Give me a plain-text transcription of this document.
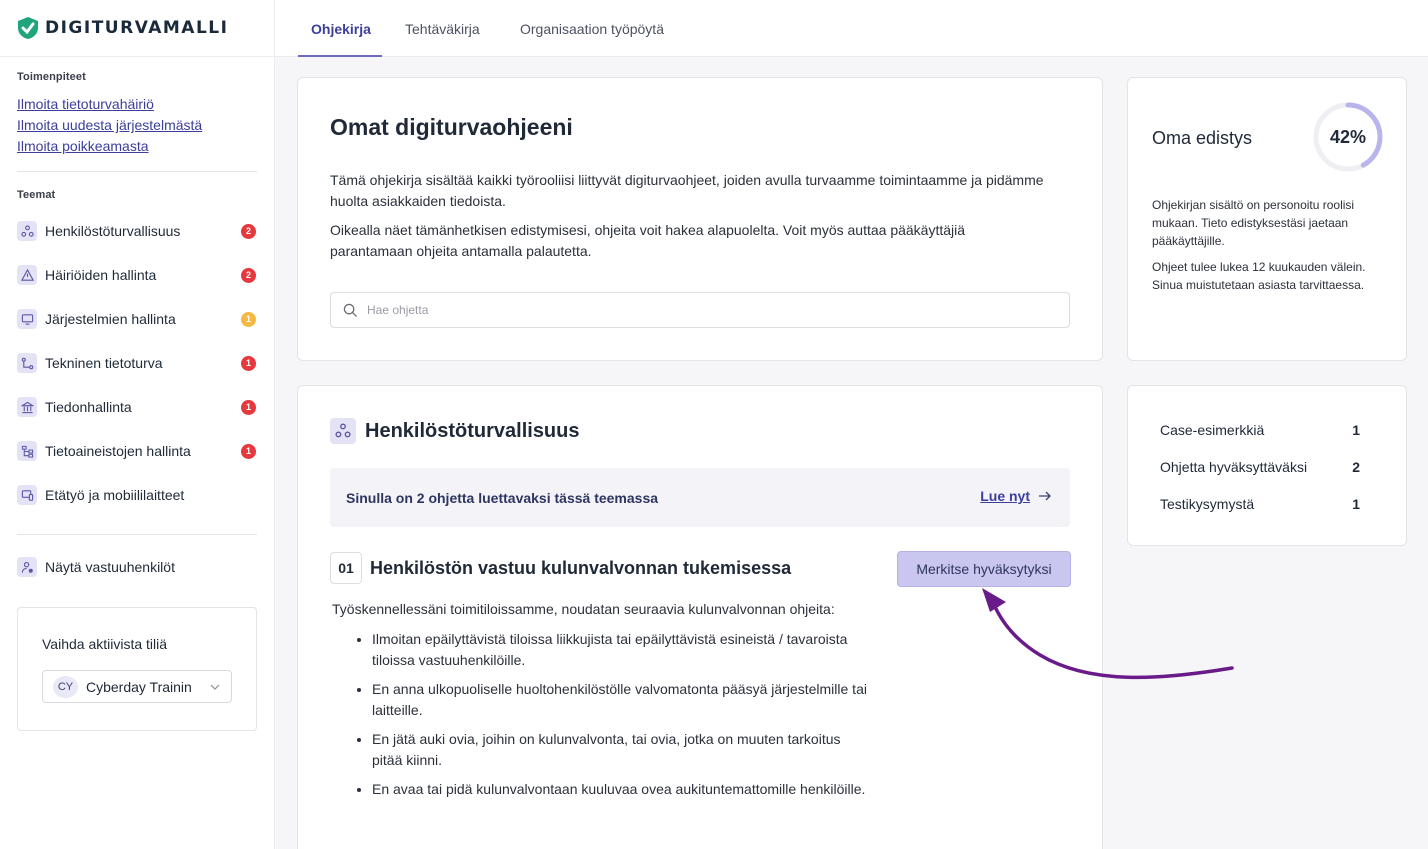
DIGITURVAMALLI
Toimenpiteet
Ilmoita tietoturvahäiriö
Ilmoita uudesta järjestelmästä
Ilmoita poikkeamasta
Teemat
Henkilöstöturvallisuus	2
Häiriöiden hallinta	2
Järjestelmien hallinta	1
Tekninen tietoturva	1
Tiedonhallinta	1
Tietoaineistojen hallinta	1
Etätyö ja mobiililaitteet
Näytä vastuuhenkilöt
Vaihda aktiivista tiliä
CY Cyberday Trainin
Ohjekirja Tehtäväkirja	Organisaation työpöytä
Omat digiturvaohjeeni

Tämä ohjekirja sisältää kaikki työrooliisi liittyvät digiturvaohjeet, joiden avulla turvaamme toimintaamme ja pidämme huolta asiakkaiden tiedoista.

Oikealla näet tämänhetkisen edistymisesi, ohjeita voit hakea alapuolelta. Voit myös auttaa pääkäyttäjiä parantamaan ohjeita antamalla palautetta.

Hae ohjetta
Oma edistys	42%

Ohjekirjan sisältö on personoitu roolisi mukaan. Tieto edistyksestäsi jaetaan pääkäyttäjille.

Ohjeet tulee lukea 12 kuukauden välein. Sinua muistutetaan asiasta tarvittaessa.

Henkilöstöturvallisuus
Sinulla on 2 ohjetta luettavaksi tässä teemassa	Lue nyt
01 Henkilöstön vastuu kulunvalvonnan tukemisessa	Merkitse hyväksytyksi

Työskennellessäni toimitiloissamme, noudatan seuraavia kulunvalvonnan ohjeita:

• Ilmoitan epäilyttävistä tiloissa liikkujista tai epäilyttävistä esineistä / tavaroista tiloissa vastuuhenkilöille.
• En anna ulkopuoliselle huoltohenkilöstölle valvomatonta pääsyä järjestelmille tai laitteille.
• En jätä auki ovia, joihin on kulunvalvonta, tai ovia, jotka on muuten tarkoitus pitää kiinni.
• En avaa tai pidä kulunvalvontaan kuuluvaa ovea aukituntemattomille henkilöille.
Case-esimerkkiä	1
Ohjetta hyväksyttäväksi	2
Testikysymystä	1
